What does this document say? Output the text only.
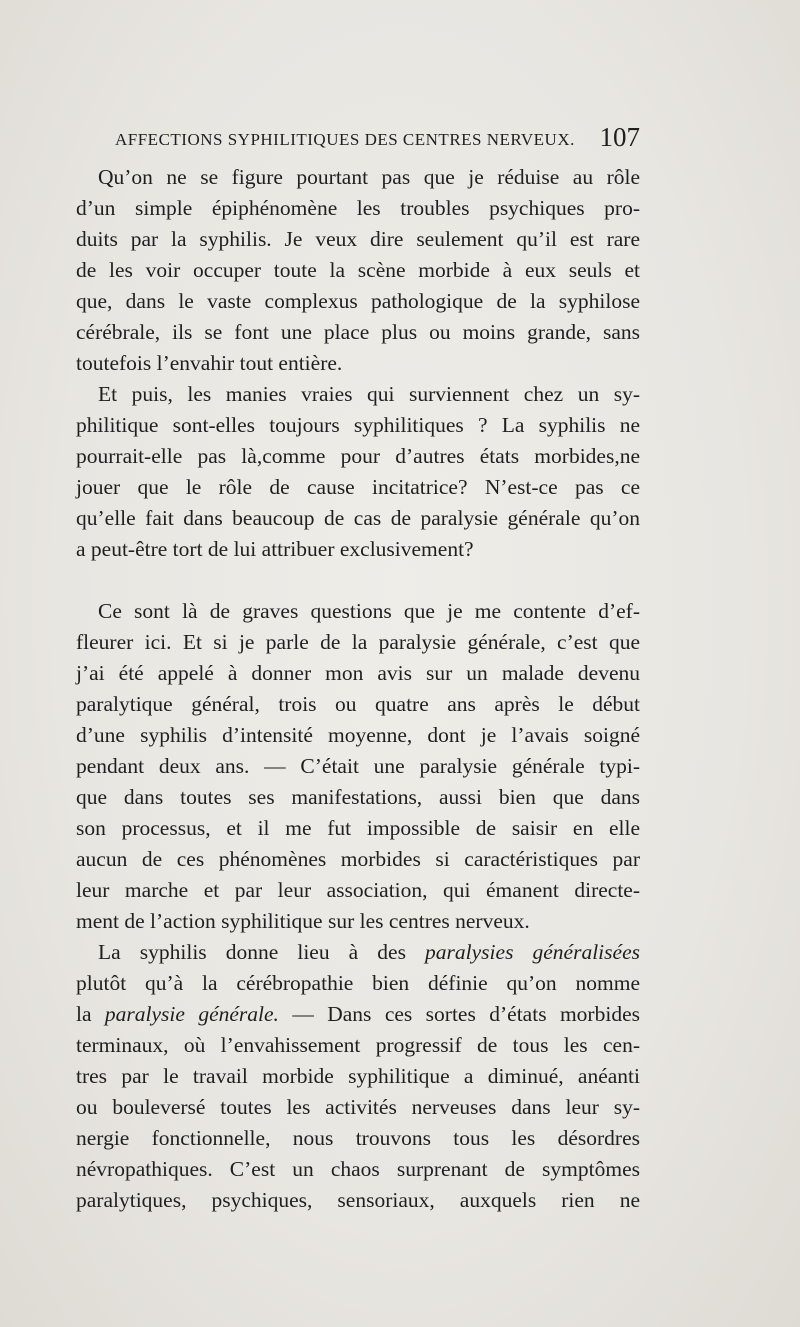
AFFECTIONS SYPHILITIQUES DES CENTRES NERVEUX. 107
Qu’on ne se figure pourtant pas que je réduise au rôle
d’un simple épiphénomène les troubles psychiques pro-
duits par la syphilis. Je veux dire seulement qu’il est rare
de les voir occuper toute la scène morbide à eux seuls et
que, dans le vaste complexus pathologique de la syphilose
cérébrale, ils se font une place plus ou moins grande, sans
toutefois l’envahir tout entière.
Et puis, les manies vraies qui surviennent chez un sy-
philitique sont-elles toujours syphilitiques ? La syphilis ne
pourrait-elle pas là,comme pour d’autres états morbides,ne
jouer que le rôle de cause incitatrice? N’est-ce pas ce
qu’elle fait dans beaucoup de cas de paralysie générale qu’on
a peut-être tort de lui attribuer exclusivement?
Ce sont là de graves questions que je me contente d’ef-
fleurer ici. Et si je parle de la paralysie générale, c’est que
j’ai été appelé à donner mon avis sur un malade devenu
paralytique général, trois ou quatre ans après le début
d’une syphilis d’intensité moyenne, dont je l’avais soigné
pendant deux ans. — C’était une paralysie générale typi-
que dans toutes ses manifestations, aussi bien que dans
son processus, et il me fut impossible de saisir en elle
aucun de ces phénomènes morbides si caractéristiques par
leur marche et par leur association, qui émanent directe-
ment de l’action syphilitique sur les centres nerveux.
La syphilis donne lieu à des paralysies généralisées
plutôt qu’à la cérébropathie bien définie qu’on nomme
la paralysie générale. — Dans ces sortes d’états morbides
terminaux, où l’envahissement progressif de tous les cen-
tres par le travail morbide syphilitique a diminué, anéanti
ou bouleversé toutes les activités nerveuses dans leur sy-
nergie fonctionnelle, nous trouvons tous les désordres
névropathiques. C’est un chaos surprenant de symptômes
paralytiques, psychiques, sensoriaux, auxquels rien ne
